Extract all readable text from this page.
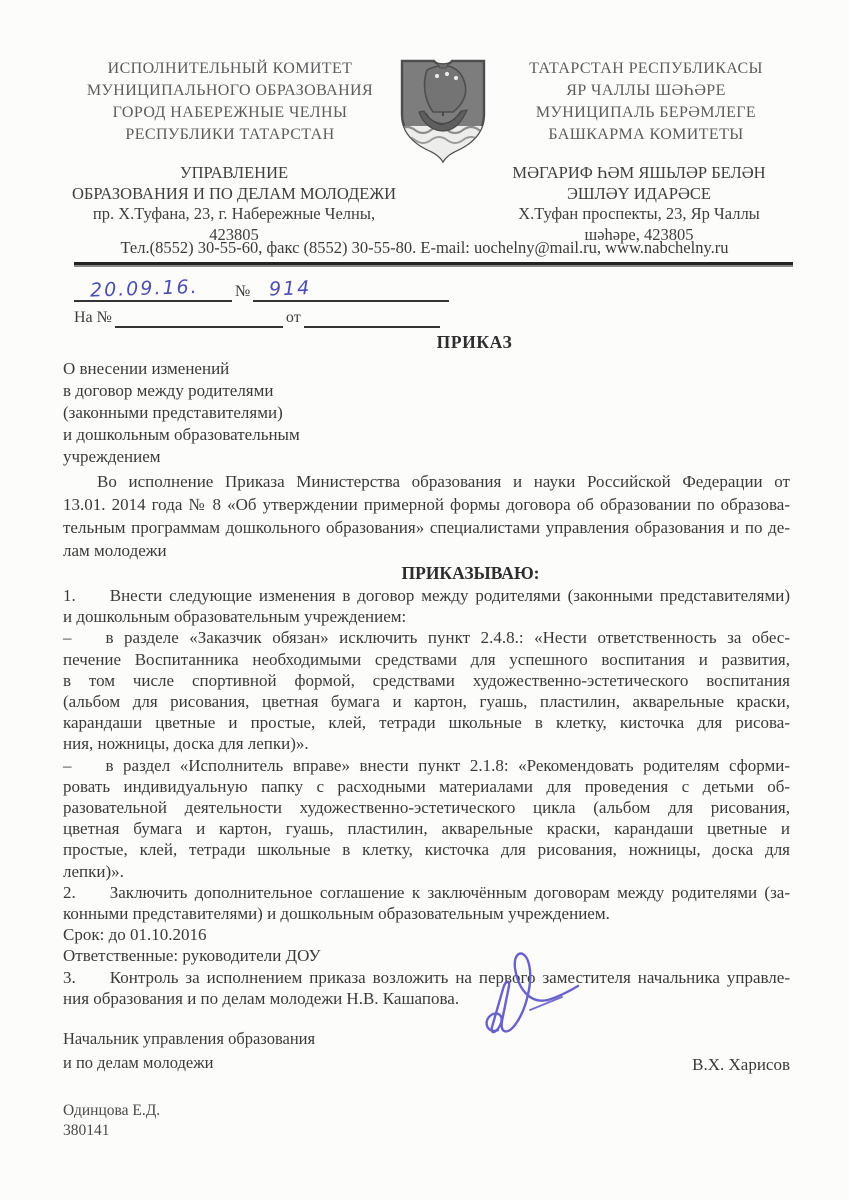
ИСПОЛНИТЕЛЬНЫЙ КОМИТЕТ
МУНИЦИПАЛЬНОГО ОБРАЗОВАНИЯ
ГОРОД НАБЕРЕЖНЫЕ ЧЕЛНЫ
РЕСПУБЛИКИ ТАТАРСТАН
ТАТАРСТАН РЕСПУБЛИКАСЫ
ЯР ЧАЛЛЫ ШӘҺӘРЕ
МУНИЦИПАЛЬ БЕРӘМЛЕГЕ
БАШКАРМА КОМИТЕТЫ
УПРАВЛЕНИЕ
ОБРАЗОВАНИЯ И ПО ДЕЛАМ МОЛОДЕЖИ
пр. Х.Туфана, 23, г. Набережные Челны,
423805
МӘГАРИФ ҺӘМ ЯШЬЛӘР БЕЛӘН
ЭШЛӘҮ ИДАРӘСЕ
Х.Туфан проспекты, 23, Яр Чаллы
шәһәре, 423805
Тел.(8552) 30-55-60, факс (8552) 30-55-80. E-mail: uochelny@mail.ru, www.nabchelny.ru
20.09.16. № 914
На №	от
ПРИКАЗ
О внесении изменений
в договор между родителями
(законными представителями)
и дошкольным образовательным
учреждением
Во исполнение Приказа Министерства образования и науки Российской Федерации от
13.01. 2014 года № 8 «Об утверждении примерной формы договора об образовании по образова-
тельным программам дошкольного образования» специалистами управления образования и по де-
лам молодежи
ПРИКАЗЫВАЮ:
1. Внести следующие изменения в договор между родителями (законными представителями)
и дошкольным образовательным учреждением:
– в разделе «Заказчик обязан» исключить пункт 2.4.8.: «Нести ответственность за обес-
печение Воспитанника необходимыми средствами для успешного воспитания и развития,
в том числе спортивной формой, средствами художественно-эстетического воспитания
(альбом для рисования, цветная бумага и картон, гуашь, пластилин, акварельные краски,
карандаши цветные и простые, клей, тетради школьные в клетку, кисточка для рисова-
ния, ножницы, доска для лепки)».
– в раздел «Исполнитель вправе» внести пункт 2.1.8: «Рекомендовать родителям сформи-
ровать индивидуальную папку с расходными материалами для проведения с детьми об-
разовательной деятельности художественно-эстетического цикла (альбом для рисования,
цветная бумага и картон, гуашь, пластилин, акварельные краски, карандаши цветные и
простые, клей, тетради школьные в клетку, кисточка для рисования, ножницы, доска для
лепки)».
2. Заключить дополнительное соглашение к заключённым договорам между родителями (за-
конными представителями) и дошкольным образовательным учреждением.
Срок: до 01.10.2016
Ответственные: руководители ДОУ
3. Контроль за исполнением приказа возложить на первого заместителя начальника управле-
ния образования и по делам молодежи Н.В. Кашапова.
Начальник управления образования
и по делам молодежи	В.Х. Харисов
Одинцова Е.Д.
380141
